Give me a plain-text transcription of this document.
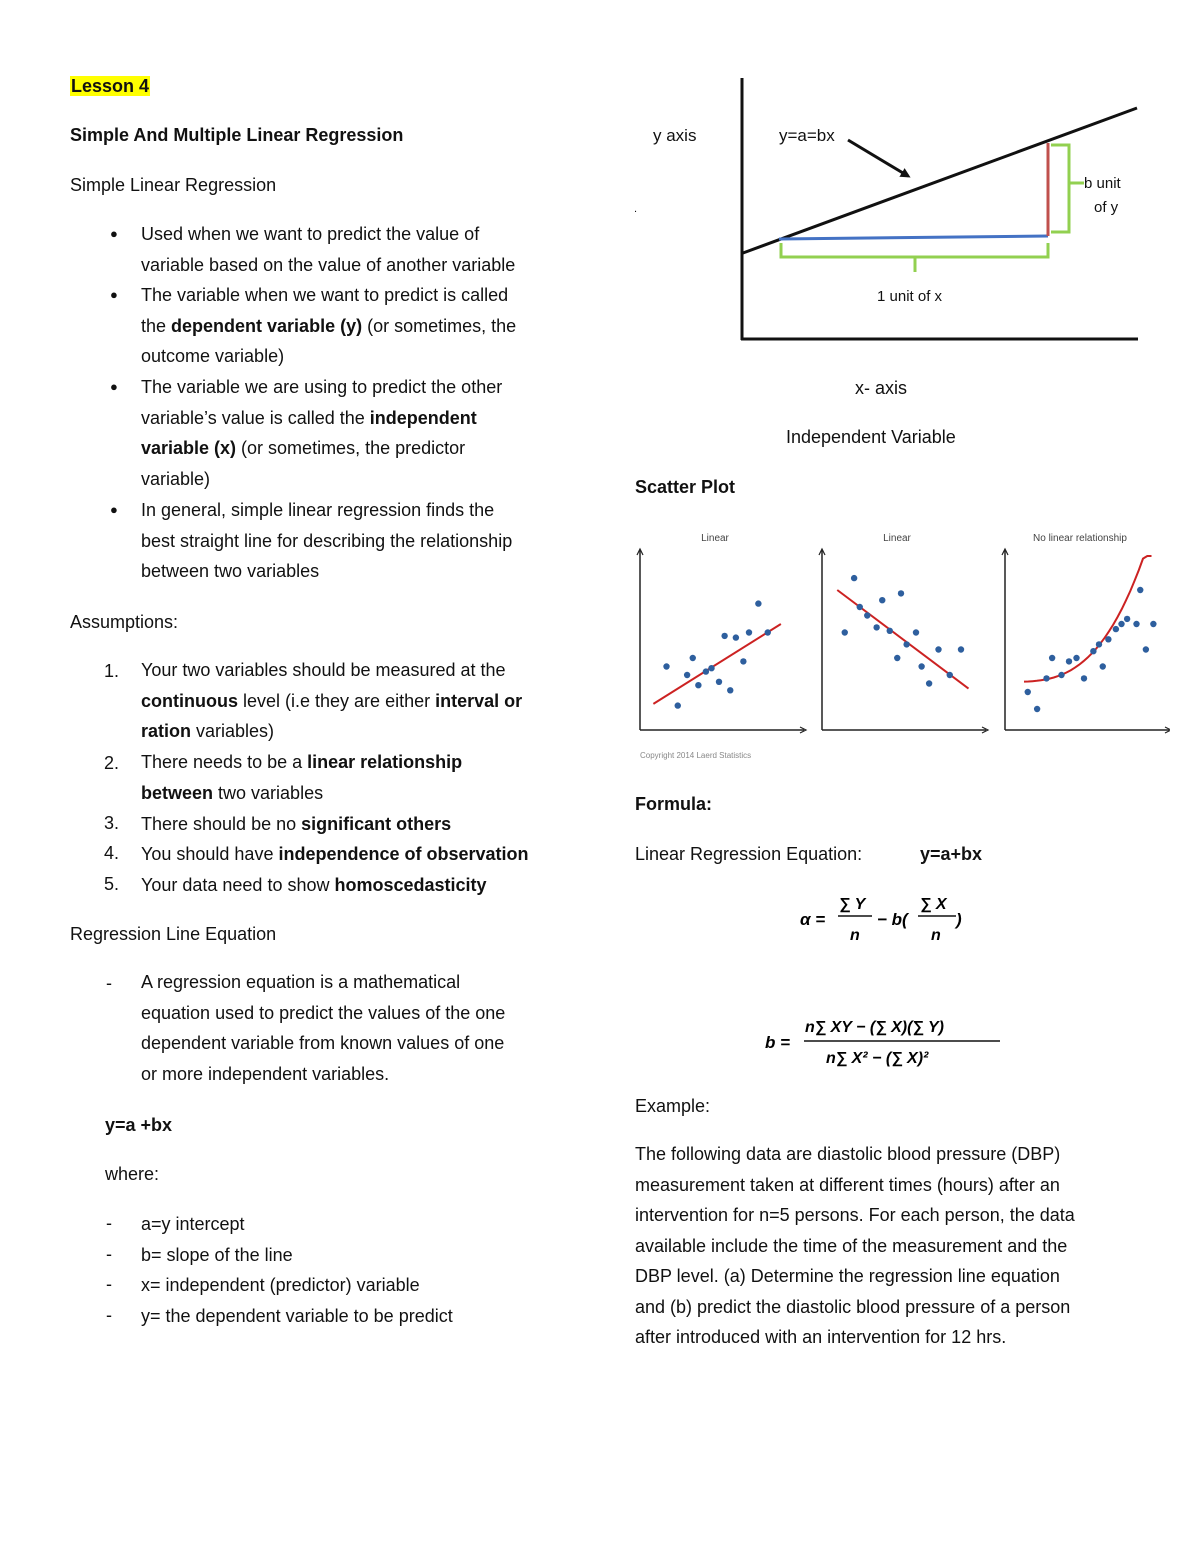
Lesson 4
Simple And Multiple Linear Regression
Simple Linear Regression
● Used when we want to predict the value of
variable based on the value of another variable
● The variable when we want to predict is called
the dependent variable (y) (or sometimes, the
outcome variable)
● The variable we are using to predict the other
variable’s value is called the independent
variable (x) (or sometimes, the predictor
variable)
● In general, simple linear regression finds the
best straight line for describing the relationship
between two variables
Assumptions:
1. Your two variables should be measured at the
continuous level (i.e they are either interval or
ration variables)
2. There needs to be a linear relationship
between two variables
3. There should be no significant others
4. You should have independence of observation
5. Your data need to show homoscedasticity
Regression Line Equation
- A regression equation is a mathematical
equation used to predict the values of the one
dependent variable from known values of one
or more independent variables.
y=a +bx
where:
- a=y intercept
- b= slope of the line
- x= independent (predictor) variable
- y= the dependent variable to be predict
y axis	y=a=bx
b unit
of y
1 unit of x
.
x- axis
Independent Variable
Scatter Plot
Linear	Linear	No linear relationship
Copyright 2014 Laerd Statistics
Formula:
Linear Regression Equation:	y=a+bx
α =
∑ Y
n
− b(
∑ X
n
)
b =
n∑ XY − (∑ X)(∑ Y)
n∑ X² − (∑ X)²
Example:
The following data are diastolic blood pressure (DBP)
measurement taken at different times (hours) after an
intervention for n=5 persons. For each person, the data
available include the time of the measurement and the
DBP level. (a) Determine the regression line equation
and (b) predict the diastolic blood pressure of a person
after introduced with an intervention for 12 hrs.
